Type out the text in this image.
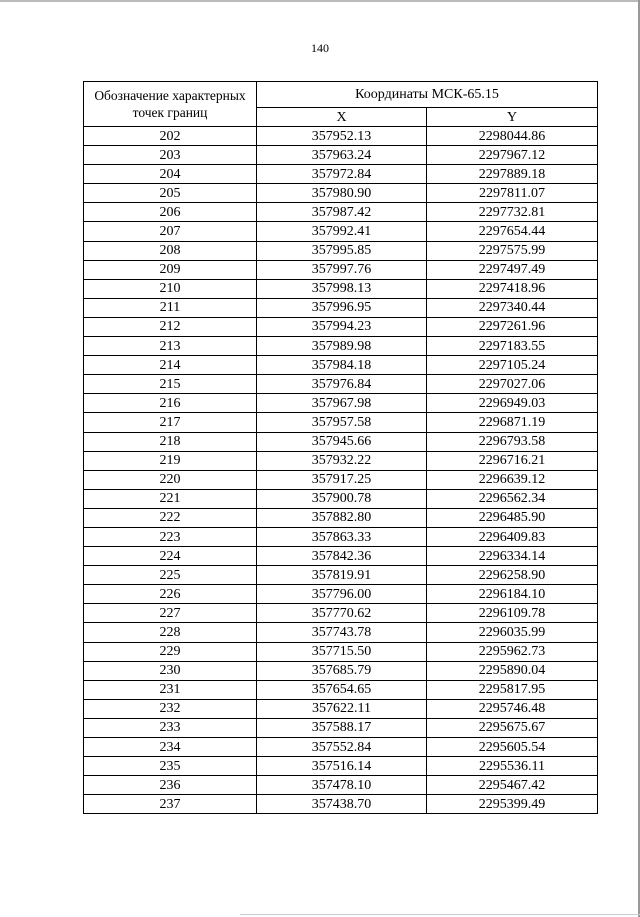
140
Обозначение характерных точек границ	Координаты МСК-65.15	
	X	Y
202	357952.13	2298044.86
203	357963.24	2297967.12
204	357972.84	2297889.18
205	357980.90	2297811.07
206	357987.42	2297732.81
207	357992.41	2297654.44
208	357995.85	2297575.99
209	357997.76	2297497.49
210	357998.13	2297418.96
211	357996.95	2297340.44
212	357994.23	2297261.96
213	357989.98	2297183.55
214	357984.18	2297105.24
215	357976.84	2297027.06
216	357967.98	2296949.03
217	357957.58	2296871.19
218	357945.66	2296793.58
219	357932.22	2296716.21
220	357917.25	2296639.12
221	357900.78	2296562.34
222	357882.80	2296485.90
223	357863.33	2296409.83
224	357842.36	2296334.14
225	357819.91	2296258.90
226	357796.00	2296184.10
227	357770.62	2296109.78
228	357743.78	2296035.99
229	357715.50	2295962.73
230	357685.79	2295890.04
231	357654.65	2295817.95
232	357622.11	2295746.48
233	357588.17	2295675.67
234	357552.84	2295605.54
235	357516.14	2295536.11
236	357478.10	2295467.42
237	357438.70	2295399.49
